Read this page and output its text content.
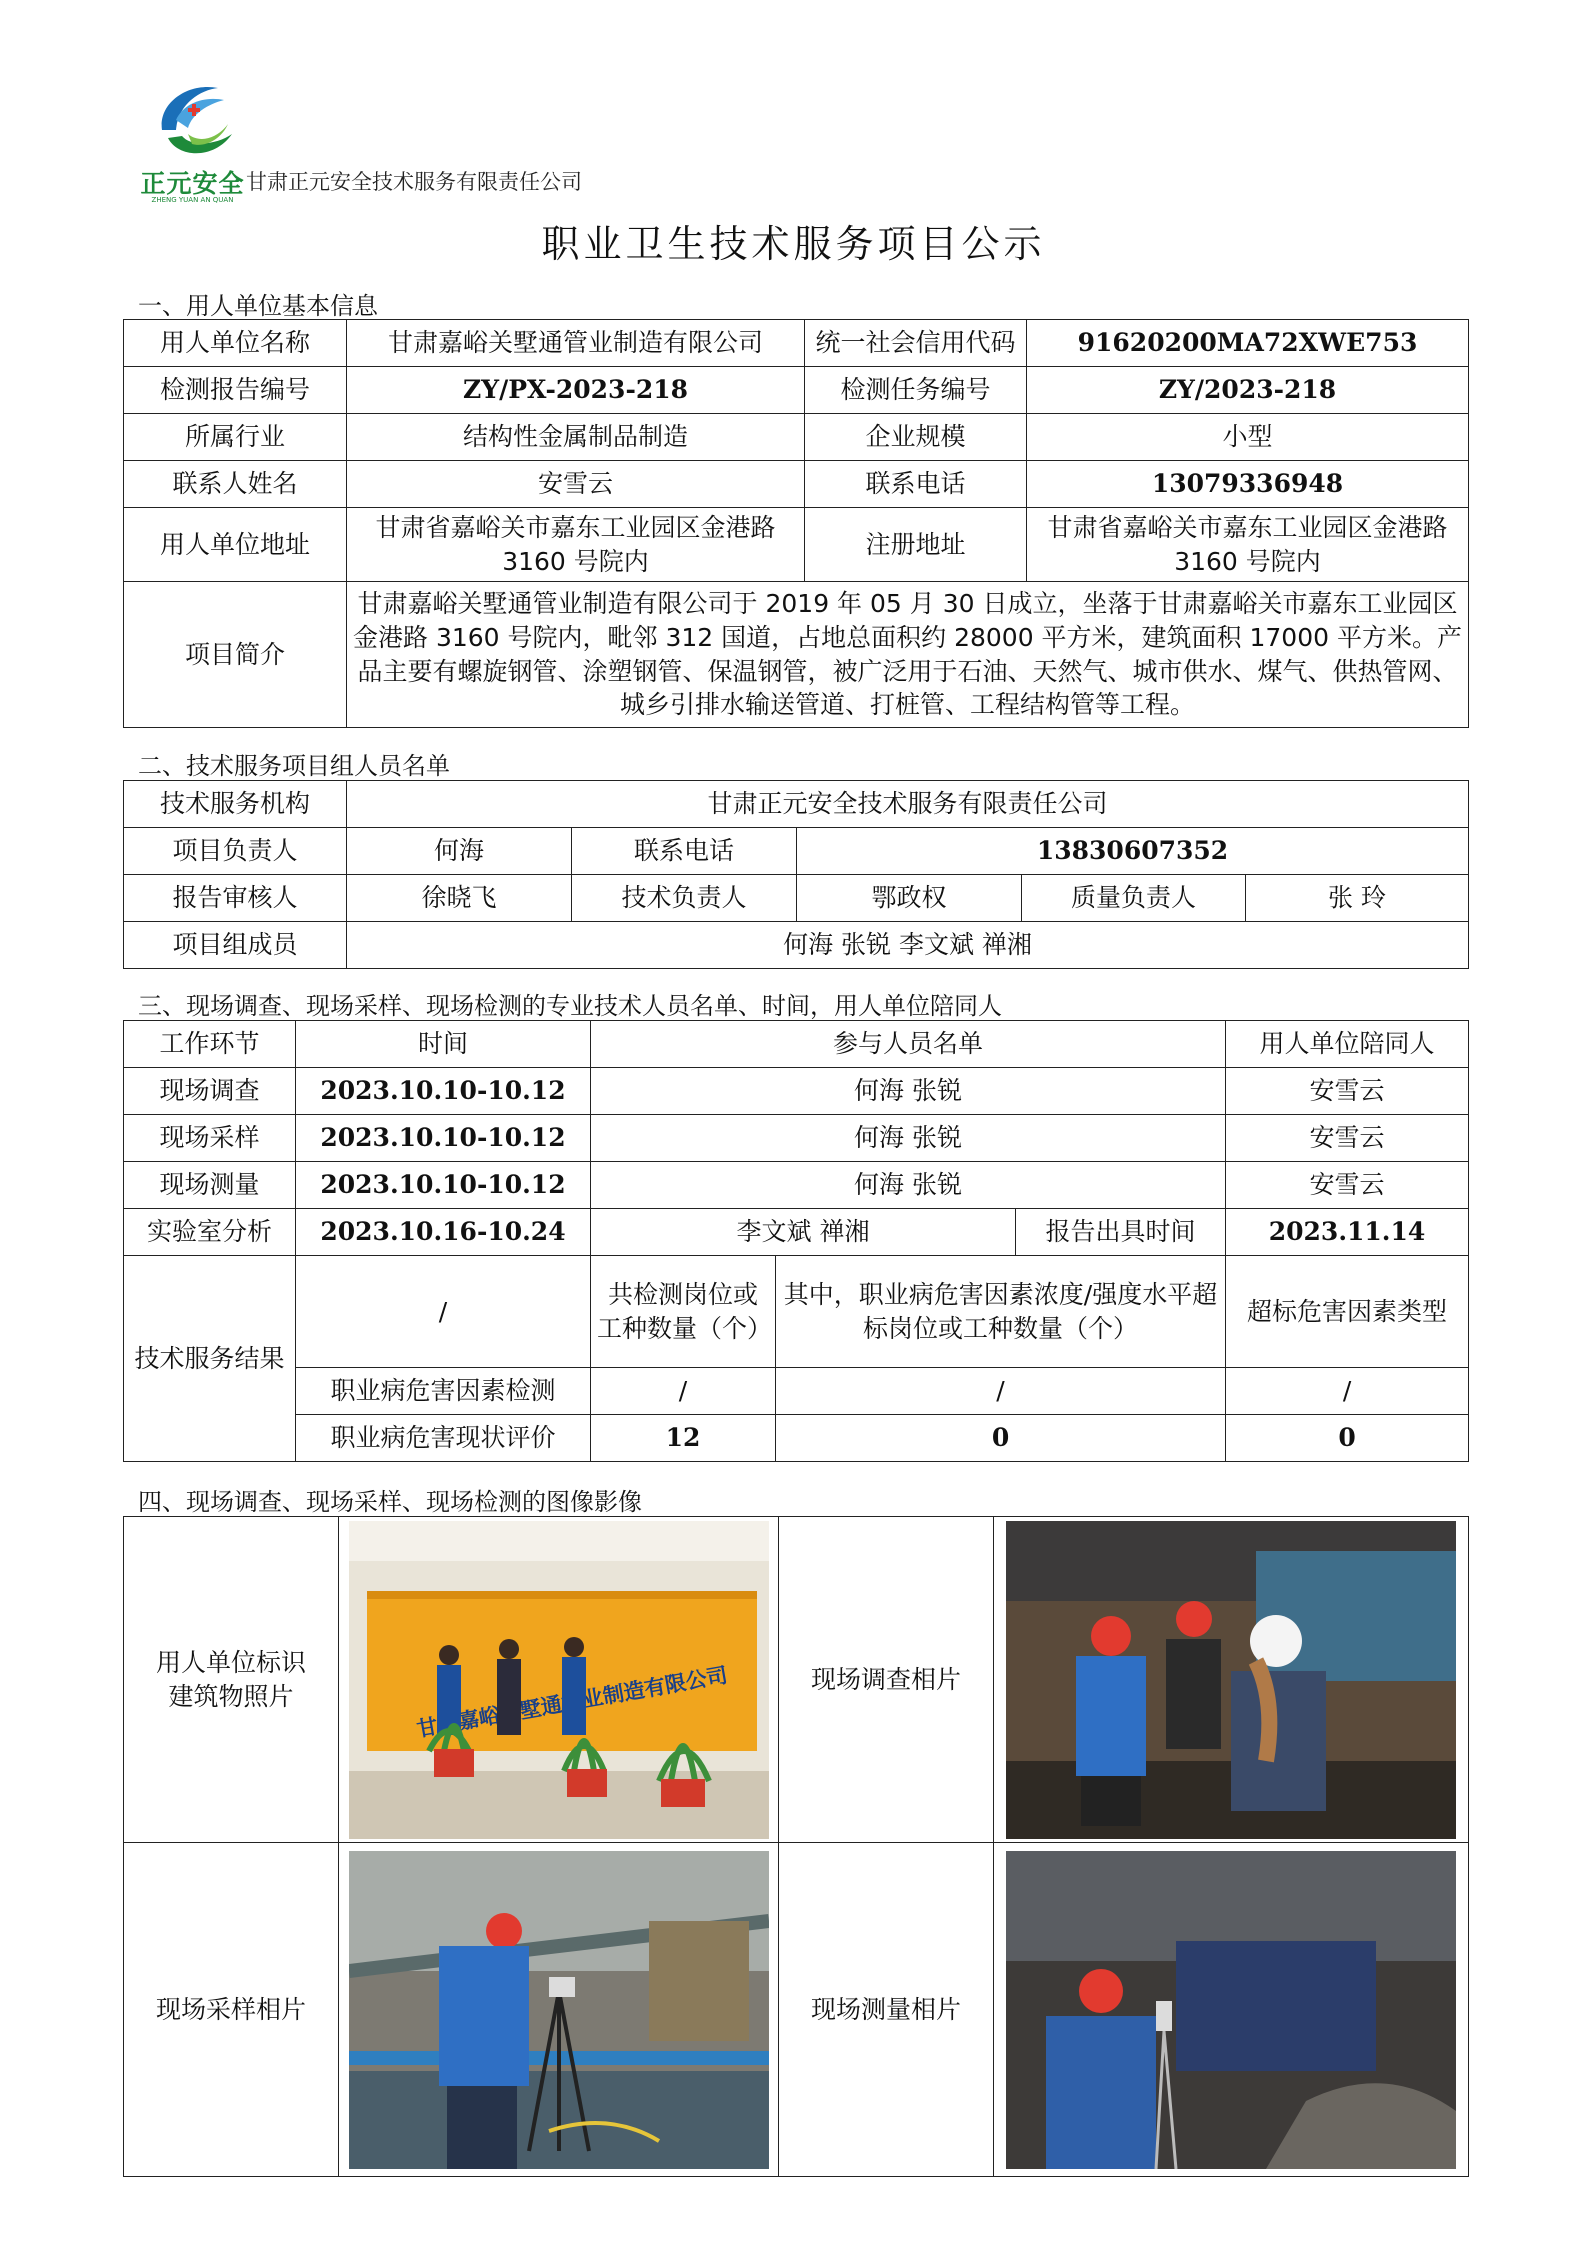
正元安全
ZHENG YUAN AN QUAN
甘肃正元安全技术服务有限责任公司
职业卫生技术服务项目公示
一、用人单位基本信息
用人单位名称	甘肃嘉峪关墅通管业制造有限公司	统一社会信用代码	91620200MA72XWE753
检测报告编号	ZY/PX-2023-218	检测任务编号	ZY/2023-218
所属行业	结构性金属制品制造	企业规模	小型
联系人姓名	安雪云	联系电话	13079336948
用人单位地址	甘肃省嘉峪关市嘉东工业园区金港路 3160 号院内	注册地址	甘肃省嘉峪关市嘉东工业园区金港路 3160 号院内
项目简介	甘肃嘉峪关墅通管业制造有限公司于 2019 年 05 月 30 日成立，坐落于甘肃嘉峪关市嘉东工业园区金港路 3160 号院内，毗邻 312 国道，占地总面积约 28000 平方米，建筑面积 17000 平方米。产品主要有螺旋钢管、涂塑钢管、保温钢管，被广泛用于石油、天然气、城市供水、煤气、供热管网、城乡引排水输送管道、打桩管、工程结构管等工程。		
二、技术服务项目组人员名单
技术服务机构	甘肃正元安全技术服务有限责任公司				
项目负责人	何海	联系电话	13830607352		
报告审核人	徐晓飞	技术负责人	鄂政权	质量负责人	张 玲
项目组成员	何海 张锐 李文斌 禅湘				
三、现场调查、现场采样、现场检测的专业技术人员名单、时间，用人单位陪同人
工作环节	时间	参与人员名单			用人单位陪同人
现场调查	2023.10.10-10.12	何海 张锐			安雪云
现场采样	2023.10.10-10.12	何海 张锐			安雪云
现场测量	2023.10.10-10.12	何海 张锐			安雪云
实验室分析	2023.10.16-10.24	李文斌 禅湘		报告出具时间	2023.11.14
技术服务结果	/	共检测岗位或工种数量（个）	其中，职业病危害因素浓度/强度水平超标岗位或工种数量（个）		超标危害因素类型
	职业病危害因素检测	/	/		/
	职业病危害现状评价	12	0		0
四、现场调查、现场采样、现场检测的图像影像
用人单位标识建筑物照片		现场调查相片	

现场采样相片		现场测量相片	
